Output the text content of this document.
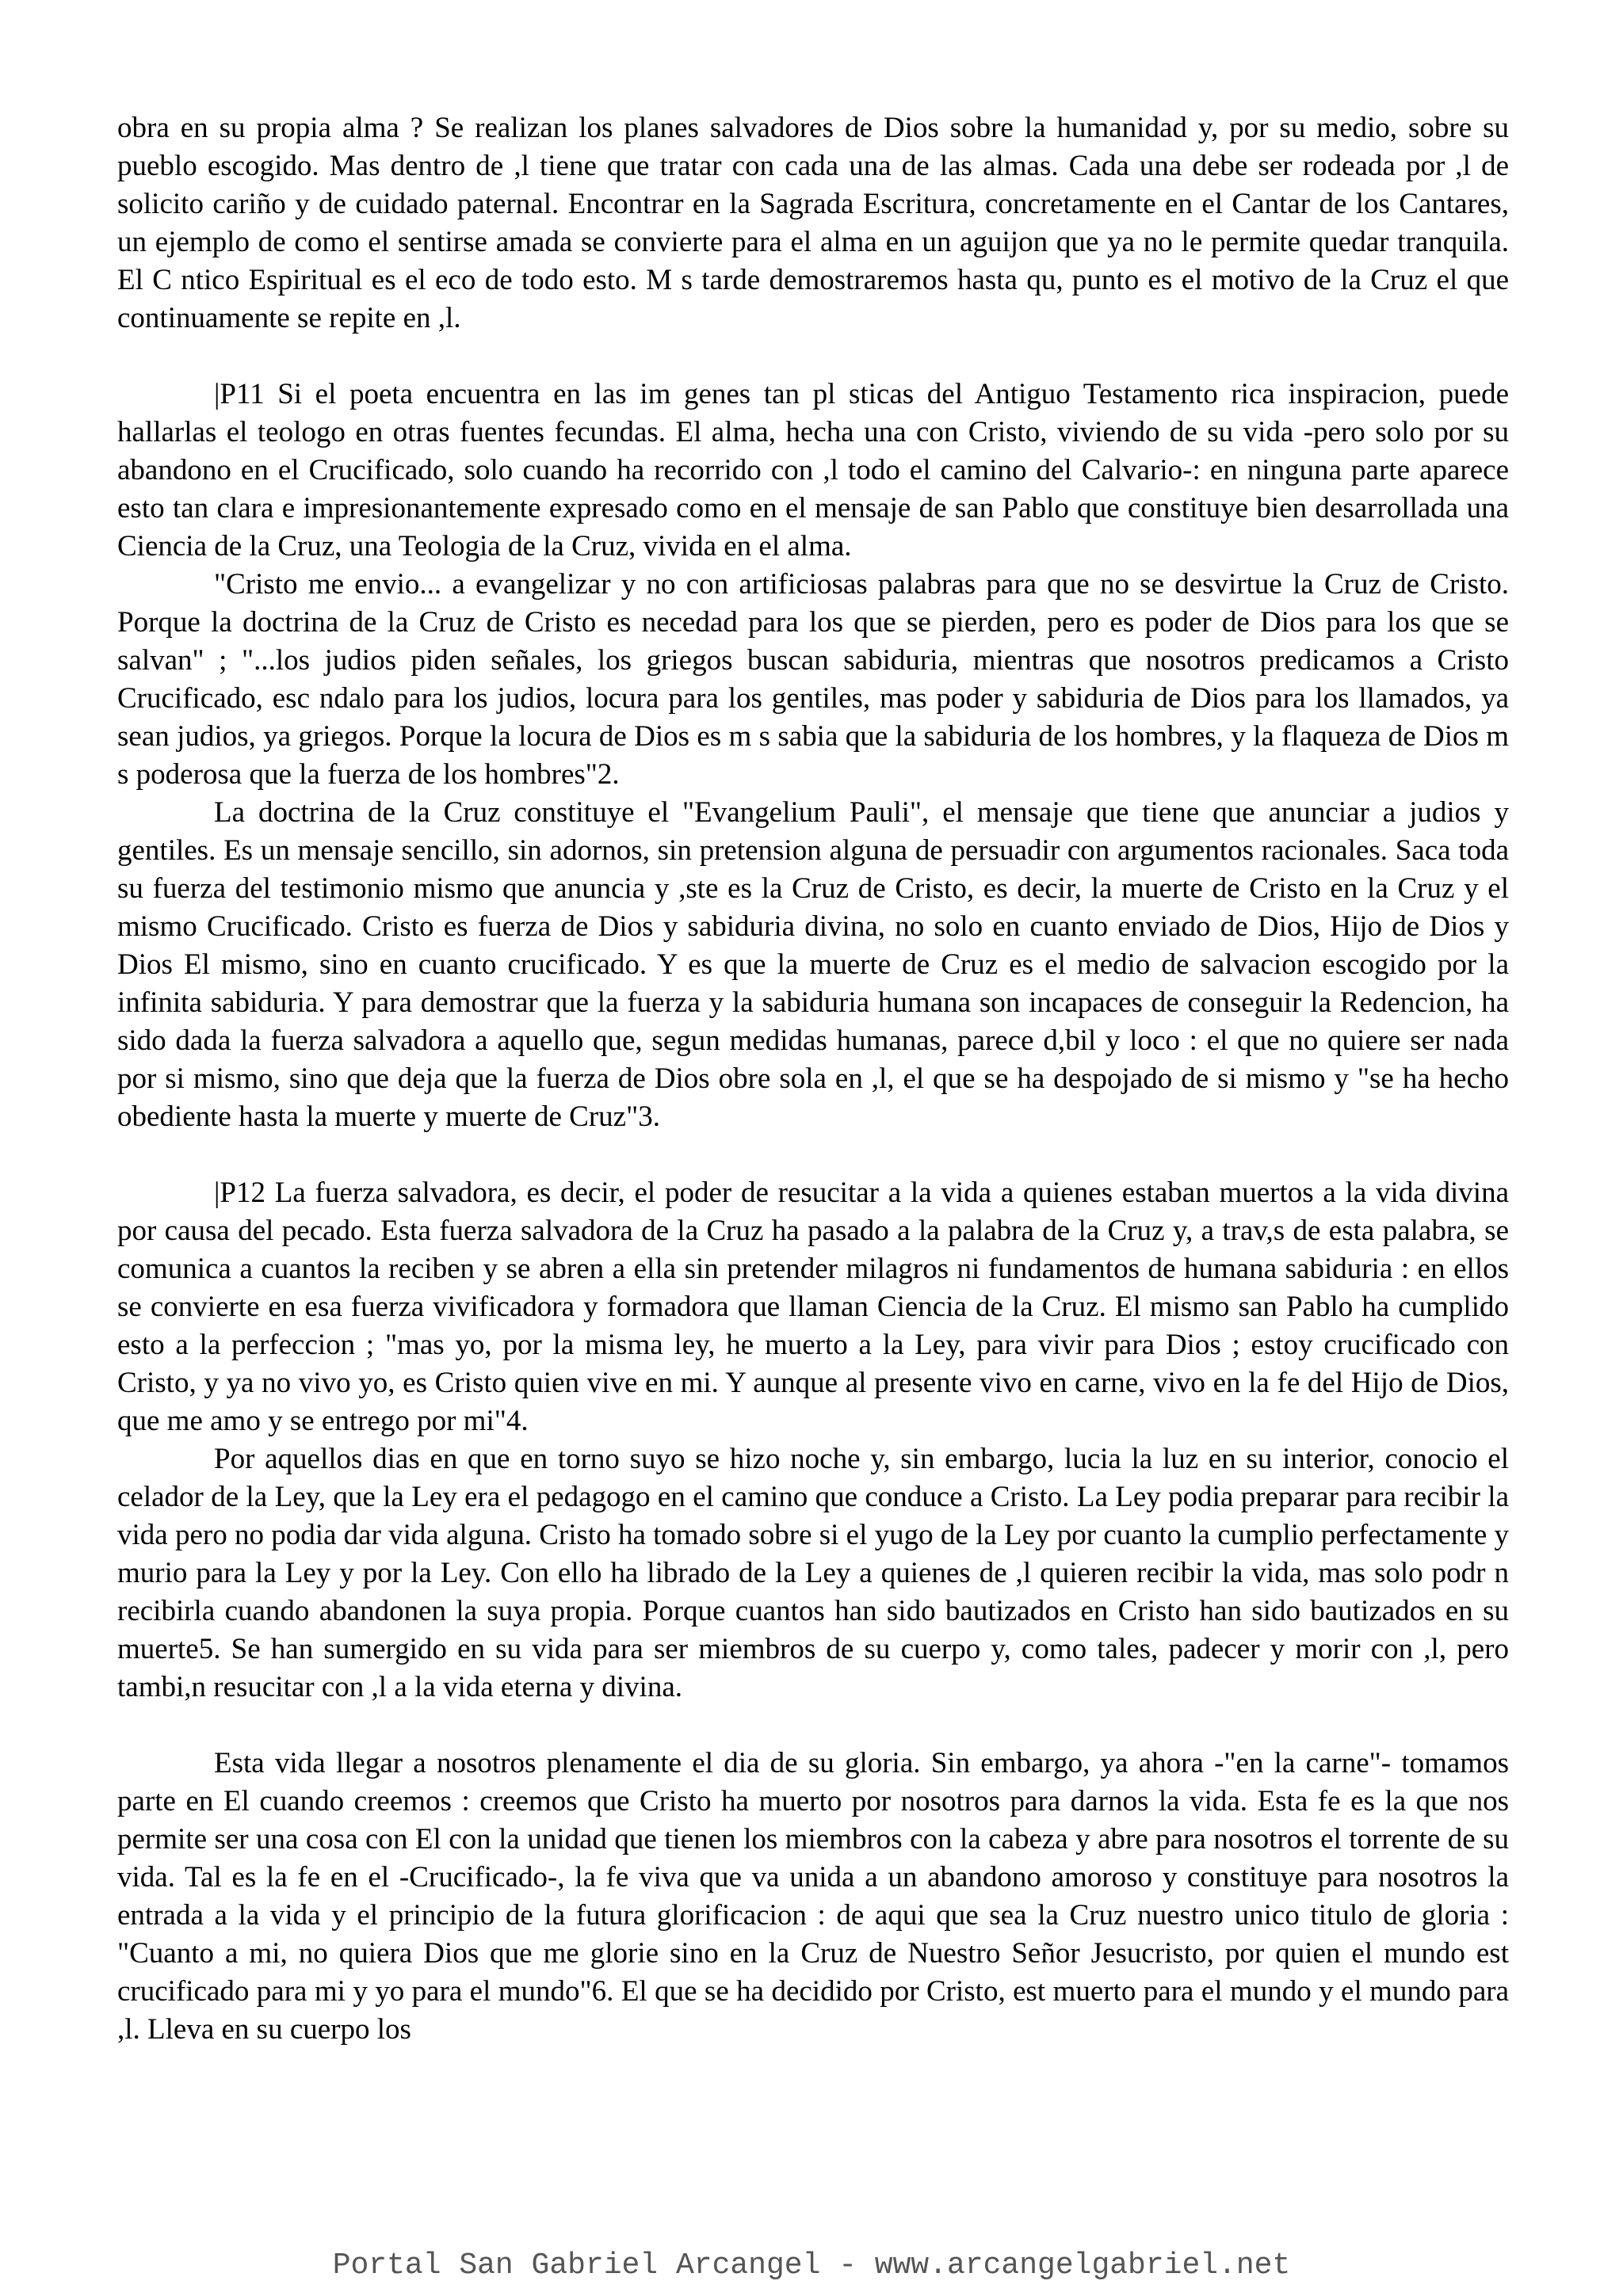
obra en su propia alma ? Se realizan los planes salvadores de Dios sobre la humanidad y, por su medio, sobre su pueblo escogido. Mas dentro de ,l tiene que tratar con cada una de las almas. Cada una debe ser rodeada por ,l de solicito cariño y de cuidado paternal. Encontrar en la Sagrada Escritura, concretamente en el Cantar de los Cantares, un ejemplo de como el sentirse amada se convierte para el alma en un aguijon que ya no le permite quedar tranquila. El C ntico Espiritual es el eco de todo esto. M s tarde demostraremos hasta qu, punto es el motivo de la Cruz el que continuamente se repite en ,l.

|P11 Si el poeta encuentra en las im genes tan pl sticas del Antiguo Testamento rica inspiracion, puede hallarlas el teologo en otras fuentes fecundas. El alma, hecha una con Cristo, viviendo de su vida -pero solo por su abandono en el Crucificado, solo cuando ha recorrido con ,l todo el camino del Calvario-: en ninguna parte aparece esto tan clara e impresionantemente expresado como en el mensaje de san Pablo que constituye bien desarrollada una Ciencia de la Cruz, una Teologia de la Cruz, vivida en el alma.

"Cristo me envio... a evangelizar y no con artificiosas palabras para que no se desvirtue la Cruz de Cristo. Porque la doctrina de la Cruz de Cristo es necedad para los que se pierden, pero es poder de Dios para los que se salvan" ; "...los judios piden señales, los griegos buscan sabiduria, mientras que nosotros predicamos a Cristo Crucificado, esc ndalo para los judios, locura para los gentiles, mas poder y sabiduria de Dios para los llamados, ya sean judios, ya griegos. Porque la locura de Dios es m s sabia que la sabiduria de los hombres, y la flaqueza de Dios m s poderosa que la fuerza de los hombres"2.

La doctrina de la Cruz constituye el "Evangelium Pauli", el mensaje que tiene que anunciar a judios y gentiles. Es un mensaje sencillo, sin adornos, sin pretension alguna de persuadir con argumentos racionales. Saca toda su fuerza del testimonio mismo que anuncia y ,ste es la Cruz de Cristo, es decir, la muerte de Cristo en la Cruz y el mismo Crucificado. Cristo es fuerza de Dios y sabiduria divina, no solo en cuanto enviado de Dios, Hijo de Dios y Dios El mismo, sino en cuanto crucificado. Y es que la muerte de Cruz es el medio de salvacion escogido por la infinita sabiduria. Y para demostrar que la fuerza y la sabiduria humana son incapaces de conseguir la Redencion, ha sido dada la fuerza salvadora a aquello que, segun medidas humanas, parece d,bil y loco : el que no quiere ser nada por si mismo, sino que deja que la fuerza de Dios obre sola en ,l, el que se ha despojado de si mismo y "se ha hecho obediente hasta la muerte y muerte de Cruz"3.

|P12 La fuerza salvadora, es decir, el poder de resucitar a la vida a quienes estaban muertos a la vida divina por causa del pecado. Esta fuerza salvadora de la Cruz ha pasado a la palabra de la Cruz y, a trav,s de esta palabra, se comunica a cuantos la reciben y se abren a ella sin pretender milagros ni fundamentos de humana sabiduria : en ellos se convierte en esa fuerza vivificadora y formadora que llaman Ciencia de la Cruz. El mismo san Pablo ha cumplido esto a la perfeccion ; "mas yo, por la misma ley, he muerto a la Ley, para vivir para Dios ; estoy crucificado con Cristo, y ya no vivo yo, es Cristo quien vive en mi. Y aunque al presente vivo en carne, vivo en la fe del Hijo de Dios, que me amo y se entrego por mi"4.

Por aquellos dias en que en torno suyo se hizo noche y, sin embargo, lucia la luz en su interior, conocio el celador de la Ley, que la Ley era el pedagogo en el camino que conduce a Cristo. La Ley podia preparar para recibir la vida pero no podia dar vida alguna. Cristo ha tomado sobre si el yugo de la Ley por cuanto la cumplio perfectamente y murio para la Ley y por la Ley. Con ello ha librado de la Ley a quienes de ,l quieren recibir la vida, mas solo podr n recibirla cuando abandonen la suya propia. Porque cuantos han sido bautizados en Cristo han sido bautizados en su muerte5. Se han sumergido en su vida para ser miembros de su cuerpo y, como tales, padecer y morir con ,l, pero tambi,n resucitar con ,l a la vida eterna y divina.

Esta vida llegar a nosotros plenamente el dia de su gloria. Sin embargo, ya ahora -"en la carne"- tomamos parte en El cuando creemos : creemos que Cristo ha muerto por nosotros para darnos la vida. Esta fe es la que nos permite ser una cosa con El con la unidad que tienen los miembros con la cabeza y abre para nosotros el torrente de su vida. Tal es la fe en el -Crucificado-, la fe viva que va unida a un abandono amoroso y constituye para nosotros la entrada a la vida y el principio de la futura glorificacion : de aqui que sea la Cruz nuestro unico titulo de gloria : "Cuanto a mi, no quiera Dios que me glorie sino en la Cruz de Nuestro Señor Jesucristo, por quien el mundo est crucificado para mi y yo para el mundo"6. El que se ha decidido por Cristo, est muerto para el mundo y el mundo para ,l. Lleva en su cuerpo los

Portal San Gabriel Arcangel - www.arcangelgabriel.net
